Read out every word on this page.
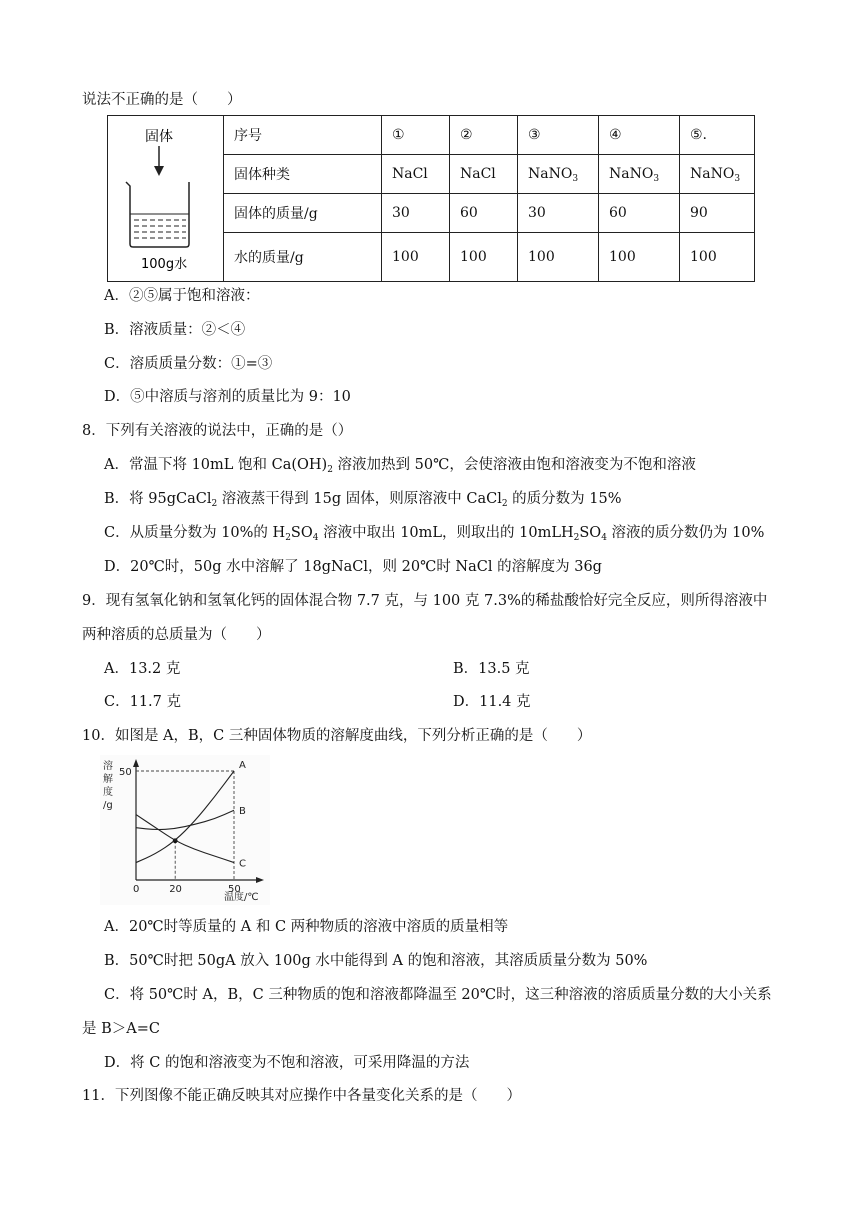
说法不正确的是（　　）
固体
100g水	序号	①	②	③	④	⑤.
	固体种类	NaCl	NaCl	NaNO$_3$	NaNO$_3$	NaNO$_3$
	固体的质量/g	30	60	30	60	90
	水的质量/g	100	100	100	100	100
A．②⑤属于饱和溶液：
B．溶液质量：②＜④
C．溶质质量分数：①=③
D．⑤中溶质与溶剂的质量比为 9：10
8．下列有关溶液的说法中，正确的是（）
A．常温下将 10mL 饱和 $Ca(OH)_2$ 溶液加热到 50℃，会使溶液由饱和溶液变为不饱和溶液
B．将 95gCaCl$_2$ 溶液蒸干得到 15g 固体，则原溶液中 CaCl$_2$ 的质分数为 15%
C．从质量分数为 10%的 $H_2SO_4$ 溶液中取出 10mL，则取出的 $10mLH_2SO_4$ 溶液的质分数仍为 10%
D．20℃时，50g 水中溶解了 18gNaCl，则 20℃时 NaCl 的溶解度为 36g
9．现有氢氧化钠和氢氧化钙的固体混合物 7.7 克，与 100 克 7.3%的稀盐酸恰好完全反应，则所得溶液中
两种溶质的总质量为（　　）
A．13.2 克	B．13.5 克
C．11.7 克	D．11.4 克
10．如图是 A，B，C 三种固体物质的溶解度曲线，下列分析正确的是（　　）
溶
解
度
/g
A
B
C
50
0	20	50
温度/℃
A．20℃时等质量的 A 和 C 两种物质的溶液中溶质的质量相等
B．50℃时把 50gA 放入 100g 水中能得到 A 的饱和溶液，其溶质质量分数为 50%
C．将 50℃时 A，B，C 三种物质的饱和溶液都降温至 20℃时，这三种溶液的溶质质量分数的大小关系
是 B＞A=C
D．将 C 的饱和溶液变为不饱和溶液，可采用降温的方法
11．下列图像不能正确反映其对应操作中各量变化关系的是（　　）
